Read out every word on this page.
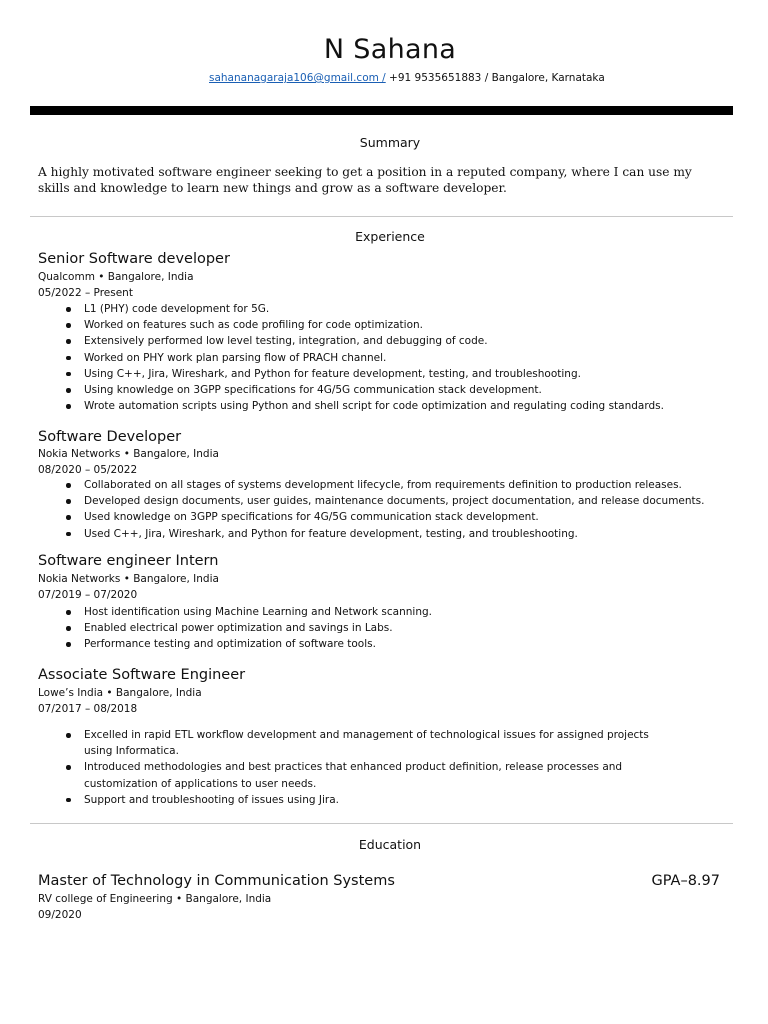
N Sahana
sahananagaraja106@gmail.com / +91 9535651883 / Bangalore, Karnataka
Summary
A highly motivated software engineer seeking to get a position in a reputed company, where I can use my skills and knowledge to learn new things and grow as a software developer.
Experience
Senior Software developer
Qualcomm • Bangalore, India
05/2022 – Present
L1 (PHY) code development for 5G.
Worked on features such as code profiling for code optimization.
Extensively performed low level testing, integration, and debugging of code.
Worked on PHY work plan parsing flow of PRACH channel.
Using C++, Jira, Wireshark, and Python for feature development, testing, and troubleshooting.
Using knowledge on 3GPP specifications for 4G/5G communication stack development.
Wrote automation scripts using Python and shell script for code optimization and regulating coding standards.
Software Developer
Nokia Networks • Bangalore, India
08/2020 – 05/2022
Collaborated on all stages of systems development lifecycle, from requirements definition to production releases.
Developed design documents, user guides, maintenance documents, project documentation, and release documents.
Used knowledge on 3GPP specifications for 4G/5G communication stack development.
Used C++, Jira, Wireshark, and Python for feature development, testing, and troubleshooting.
Software engineer Intern
Nokia Networks • Bangalore, India
07/2019 – 07/2020
Host identification using Machine Learning and Network scanning.
Enabled electrical power optimization and savings in Labs.
Performance testing and optimization of software tools.
Associate Software Engineer
Lowe’s India • Bangalore, India
07/2017 – 08/2018
Excelled in rapid ETL workflow development and management of technological issues for assigned projects using Informatica.
Introduced methodologies and best practices that enhanced product definition, release processes and customization of applications to user needs.
Support and troubleshooting of issues using Jira.
Education
Master of Technology in Communication Systems	GPA–8.97
RV college of Engineering • Bangalore, India
09/2020
